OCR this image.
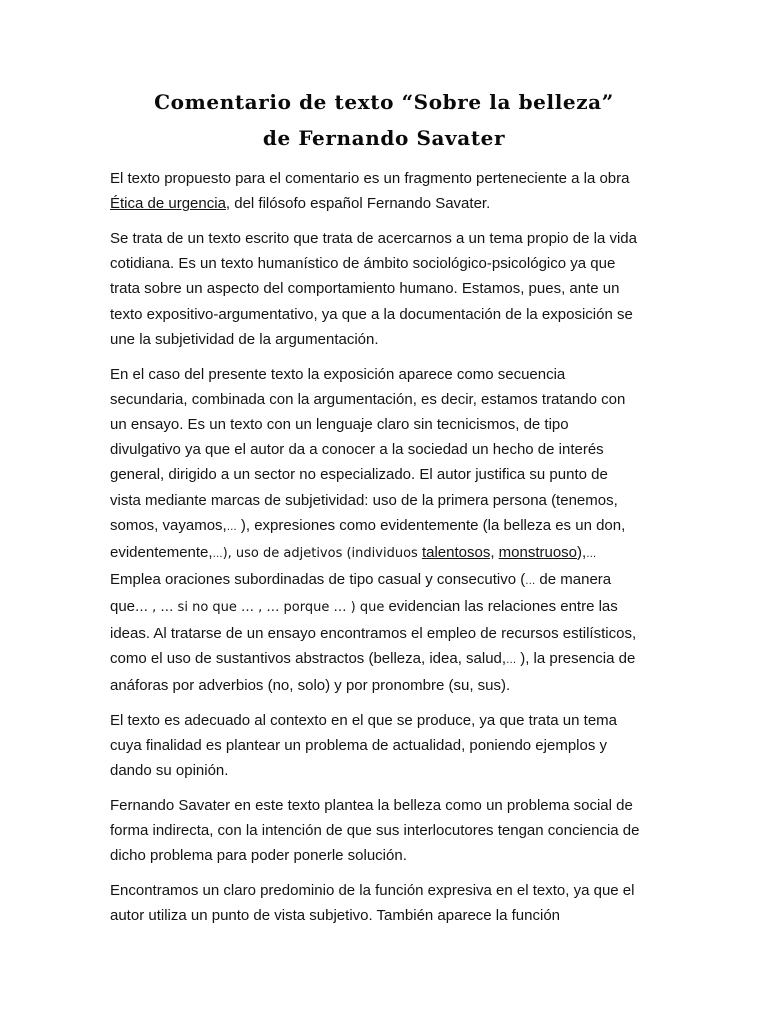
Comentario de texto “Sobre la belleza”
de Fernando Savater

El texto propuesto para el comentario es un fragmento perteneciente a la obra
Ética de urgencia, del filósofo español Fernando Savater.

Se trata de un texto escrito que trata de acercarnos a un tema propio de la vida
cotidiana. Es un texto humanístico de ámbito sociológico-psicológico ya que
trata sobre un aspecto del comportamiento humano. Estamos, pues, ante un
texto expositivo-argumentativo, ya que a la documentación de la exposición se
une la subjetividad de la argumentación.

En el caso del presente texto la exposición aparece como secuencia
secundaria, combinada con la argumentación, es decir, estamos tratando con
un ensayo. Es un texto con un lenguaje claro sin tecnicismos, de tipo
divulgativo ya que el autor da a conocer a la sociedad un hecho de interés
general, dirigido a un sector no especializado. El autor justifica su punto de
vista mediante marcas de subjetividad: uso de la primera persona (tenemos,
somos, vayamos,… ), expresiones como evidentemente (la belleza es un don,
evidentemente,…), uso de adjetivos (individuos talentosos, monstruoso),…
Emplea oraciones subordinadas de tipo casual y consecutivo (… de manera
que… , … si no que … , … porque … ) que evidencian las relaciones entre las
ideas. Al tratarse de un ensayo encontramos el empleo de recursos estilísticos,
como el uso de sustantivos abstractos (belleza, idea, salud,… ), la presencia de
anáforas por adverbios (no, solo) y por pronombre (su, sus).

El texto es adecuado al contexto en el que se produce, ya que trata un tema
cuya finalidad es plantear un problema de actualidad, poniendo ejemplos y
dando su opinión.

Fernando Savater en este texto plantea la belleza como un problema social de
forma indirecta, con la intención de que sus interlocutores tengan conciencia de
dicho problema para poder ponerle solución.

Encontramos un claro predominio de la función expresiva en el texto, ya que el
autor utiliza un punto de vista subjetivo. También aparece la función
